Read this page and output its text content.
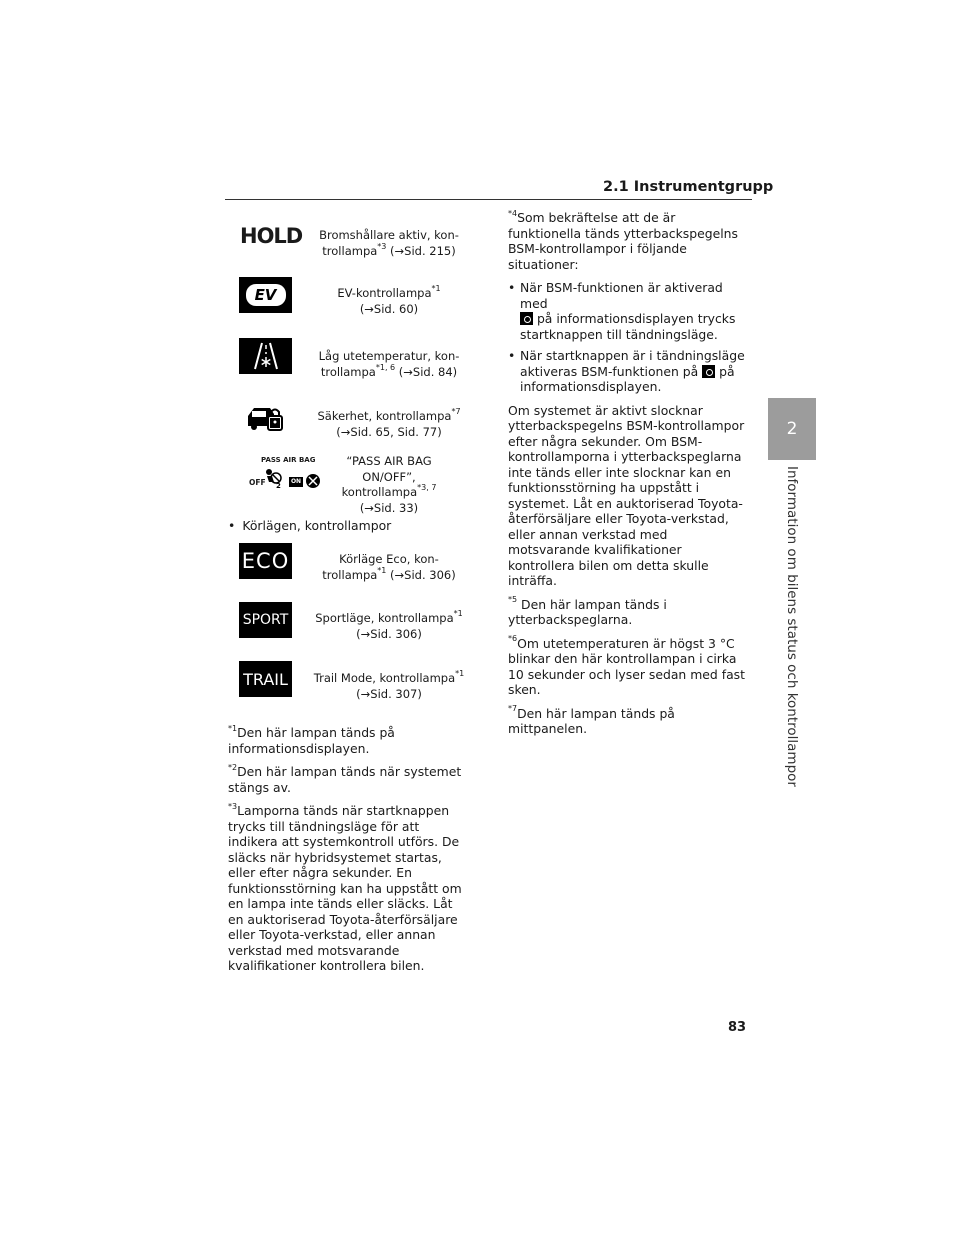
2.1 Instrumentgrupp
2
Information om bilens status och kontrollampor
HOLD	Bromshållare aktiv, kon-
trollampa$^{*3}$ (→Sid. 215)
EV	EV-kontrollampa$^{*1}$
(→Sid. 60)
Låg utetemperatur, kon-
trollampa$^{*1, 6}$ (→Sid. 84)
Säkerhet, kontrollampa$^{*7}$
(→Sid. 65, Sid. 77)
PASS AIR BAG
OFF 2
ON
“PASS AIR BAG
ON/OFF”,
kontrollampa$^{*3, 7}$
(→Sid. 33)
• Körlägen, kontrollampor
ECO	Körläge Eco, kon-
trollampa$^{*1}$ (→Sid. 306)
SPORT	Sportläge, kontrollampa$^{*1}$
(→Sid. 306)
TRAIL	Trail Mode, kontrollampa$^{*1}$
(→Sid. 307)

$^{*1}$Den här lampan tänds på informationsdisplayen.

$^{*2}$Den här lampan tänds när systemet stängs av.

$^{*3}$Lamporna tänds när startknappen trycks till tändningsläge för att indikera att systemkontroll utförs. De släcks när hybridsystemet startas, eller efter några sekunder. En funktionsstörning kan ha uppstått om en lampa inte tänds eller släcks. Låt en auktoriserad Toyota-återförsäljare eller Toyota-verkstad, eller annan verkstad med motsvarande kvalifikationer kontrollera bilen.

$^{*4}$Som bekräftelse att de är funktionella tänds ytterbackspegelns BSM-kontrollampor i följande situationer:

• När BSM-funktionen är aktiverad med
på informationsdisplayen trycks startknappen till tändningsläge.
• När startknappen är i tändningsläge aktiveras BSM-funktionen på  på informationsdisplayen.

Om systemet är aktivt slocknar ytterbackspegelns BSM-kontrollampor efter några sekunder. Om BSM-kontrollamporna i ytterbackspeglarna inte tänds eller inte slocknar kan en funktionsstörning ha uppstått i systemet. Låt en auktoriserad Toyota-återförsäljare eller Toyota-verkstad, eller annan verkstad med motsvarande kvalifikationer kontrollera bilen om detta skulle inträffa.

$^{*5}$ Den här lampan tänds i ytterbackspeglarna.

$^{*6}$Om utetemperaturen är högst 3 °C blinkar den här kontrollampan i cirka 10 sekunder och lyser sedan med fast sken.

$^{*7}$Den här lampan tänds på mittpanelen.

83
